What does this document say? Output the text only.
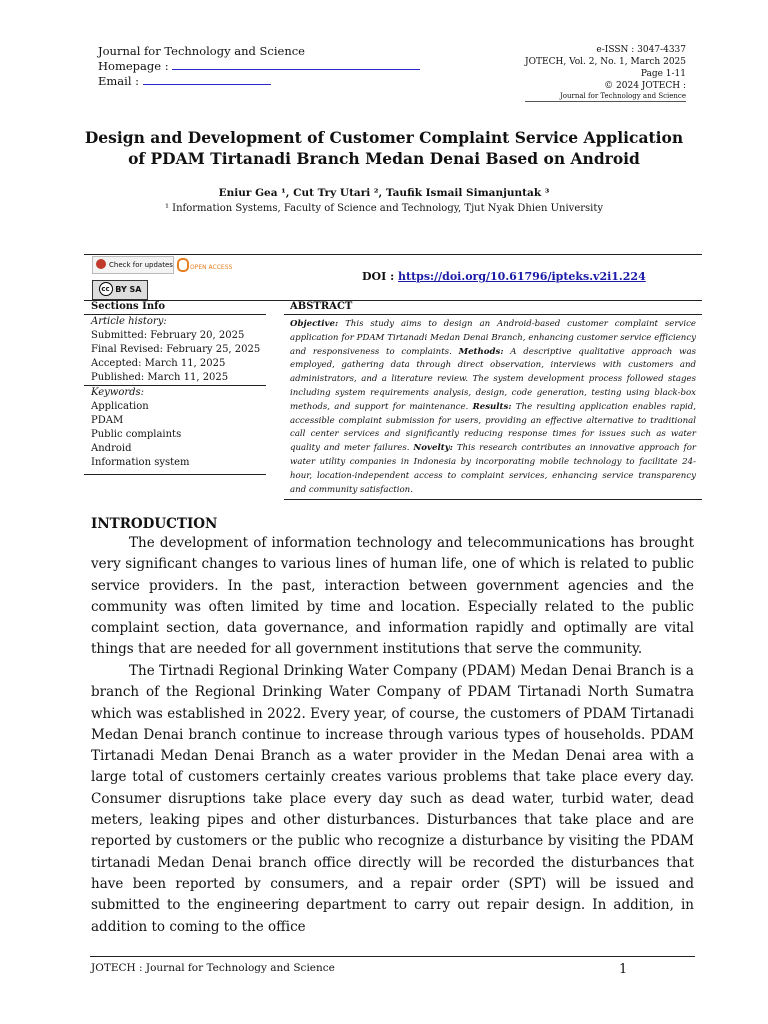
Journal for Technology and Science
Homepage :
Email :
e-ISSN : 3047-4337
JOTECH, Vol. 2, No. 1, March 2025
Page 1-11
© 2024 JOTECH :
Journal for Technology and Science
Design and Development of Customer Complaint Service Application
of PDAM Tirtanadi Branch Medan Denai Based on Android
Eniur Gea ¹, Cut Try Utari ², Taufik Ismail Simanjuntak ³
¹ Information Systems, Faculty of Science and Technology, Tjut Nyak Dhien University
Check for updates	OPEN ACCESS
cc BY SA
DOI : https://doi.org/10.61796/ipteks.v2i1.224
Sections Info	ABSTRACT
Article history:
Submitted: February 20, 2025
Final Revised: February 25, 2025
Accepted: March 11, 2025
Published: March 11, 2025
Keywords:
Application
PDAM
Public complaints
Android
Information system
Objective: This study aims to design an Android-based customer complaint service application for PDAM Tirtanadi Medan Denai Branch, enhancing customer service efficiency and responsiveness to complaints. Methods: A descriptive qualitative approach was employed, gathering data through direct observation, interviews with customers and administrators, and a literature review. The system development process followed stages including system requirements analysis, design, code generation, testing using black-box methods, and support for maintenance. Results: The resulting application enables rapid, accessible complaint submission for users, providing an effective alternative to traditional call center services and significantly reducing response times for issues such as water quality and meter failures. Novelty: This research contributes an innovative approach for water utility companies in Indonesia by incorporating mobile technology to facilitate 24-hour, location-independent access to complaint services, enhancing service transparency and community satisfaction.
INTRODUCTION
The development of information technology and telecommunications has brought very significant changes to various lines of human life, one of which is related to public service providers. In the past, interaction between government agencies and the community was often limited by time and location. Especially related to the public complaint section, data governance, and information rapidly and optimally are vital things that are needed for all government institutions that serve the community.
The Tirtnadi Regional Drinking Water Company (PDAM) Medan Denai Branch is a branch of the Regional Drinking Water Company of PDAM Tirtanadi North Sumatra which was established in 2022. Every year, of course, the customers of PDAM Tirtanadi Medan Denai branch continue to increase through various types of households. PDAM Tirtanadi Medan Denai Branch as a water provider in the Medan Denai area with a large total of customers certainly creates various problems that take place every day. Consumer disruptions take place every day such as dead water, turbid water, dead meters, leaking pipes and other disturbances. Disturbances that take place and are reported by customers or the public who recognize a disturbance by visiting the PDAM tirtanadi Medan Denai branch office directly will be recorded the disturbances that have been reported by consumers, and a repair order (SPT) will be issued and submitted to the engineering department to carry out repair design. In addition, in addition to coming to the office
JOTECH : Journal for Technology and Science	1
